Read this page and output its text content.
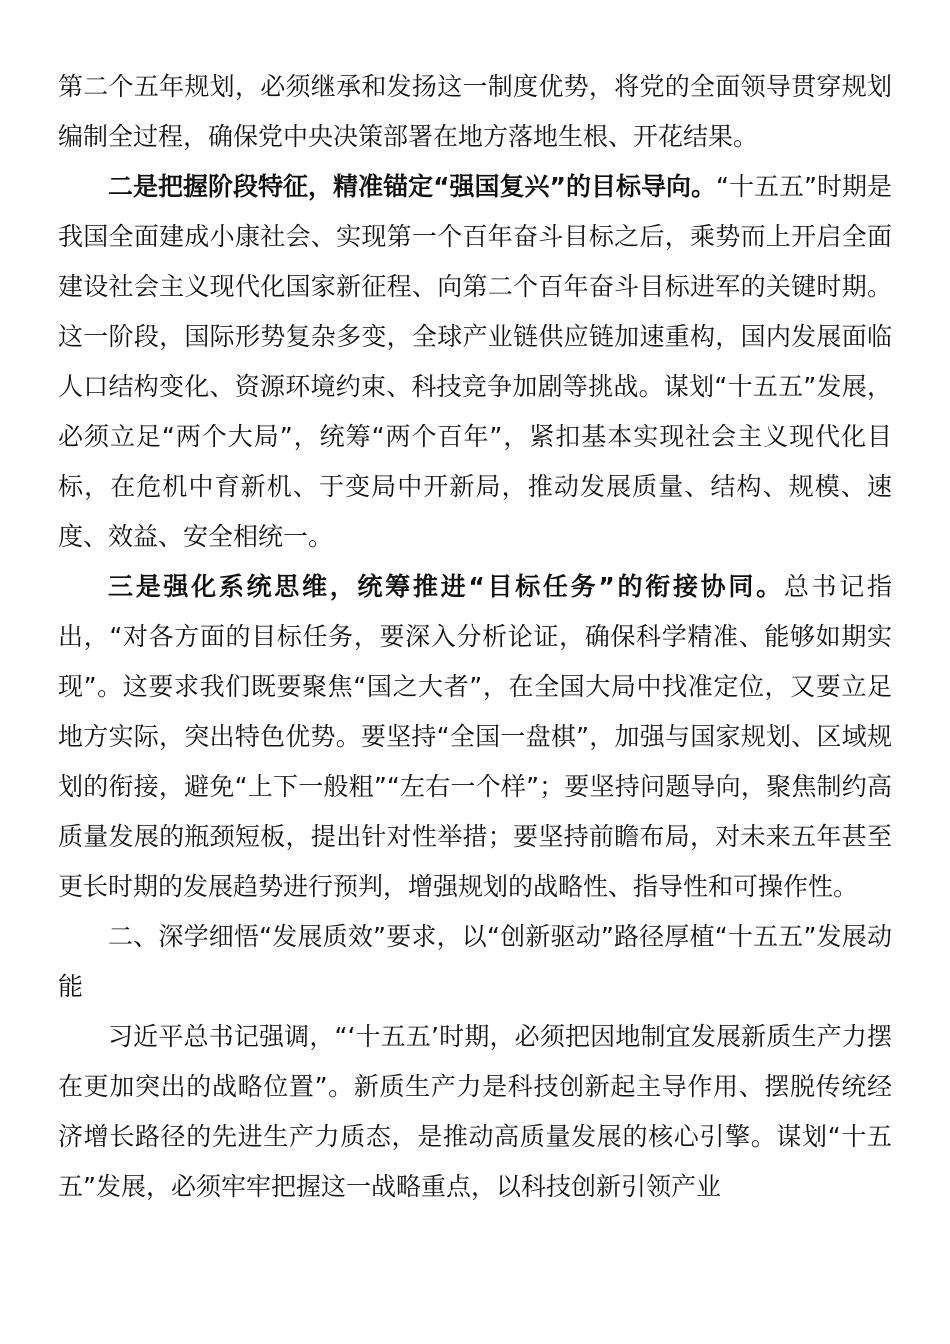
第二个五年规划，必须继承和发扬这一制度优势，将党的全面领导贯穿规划编制全过程，确保党中央决策部署在地方落地生根、开花结果。

二是把握阶段特征，精准锚定“强国复兴”的目标导向。“十五五”时期是我国全面建成小康社会、实现第一个百年奋斗目标之后，乘势而上开启全面建设社会主义现代化国家新征程、向第二个百年奋斗目标进军的关键时期。这一阶段，国际形势复杂多变，全球产业链供应链加速重构，国内发展面临人口结构变化、资源环境约束、科技竞争加剧等挑战。谋划“十五五”发展，必须立足“两个大局”，统筹“两个百年”，紧扣基本实现社会主义现代化目标，在危机中育新机、于变局中开新局，推动发展质量、结构、规模、速度、效益、安全相统一。

三是强化系统思维，统筹推进“目标任务”的衔接协同。总书记指出，“对各方面的目标任务，要深入分析论证，确保科学精准、能够如期实现”。这要求我们既要聚焦“国之大者”，在全国大局中找准定位，又要立足地方实际，突出特色优势。要坚持“全国一盘棋”，加强与国家规划、区域规划的衔接，避免“上下一般粗”“左右一个样”；要坚持问题导向，聚焦制约高质量发展的瓶颈短板，提出针对性举措；要坚持前瞻布局，对未来五年甚至更长时期的发展趋势进行预判，增强规划的战略性、指导性和可操作性。

二、深学细悟“发展质效”要求，以“创新驱动”路径厚植“十五五”发展动能

习近平总书记强调，“‘十五五’时期，必须把因地制宜发展新质生产力摆在更加突出的战略位置”。新质生产力是科技创新起主导作用、摆脱传统经济增长路径的先进生产力质态，是推动高质量发展的核心引擎。谋划“十五五”发展，必须牢牢把握这一战略重点，以科技创新引领产业
